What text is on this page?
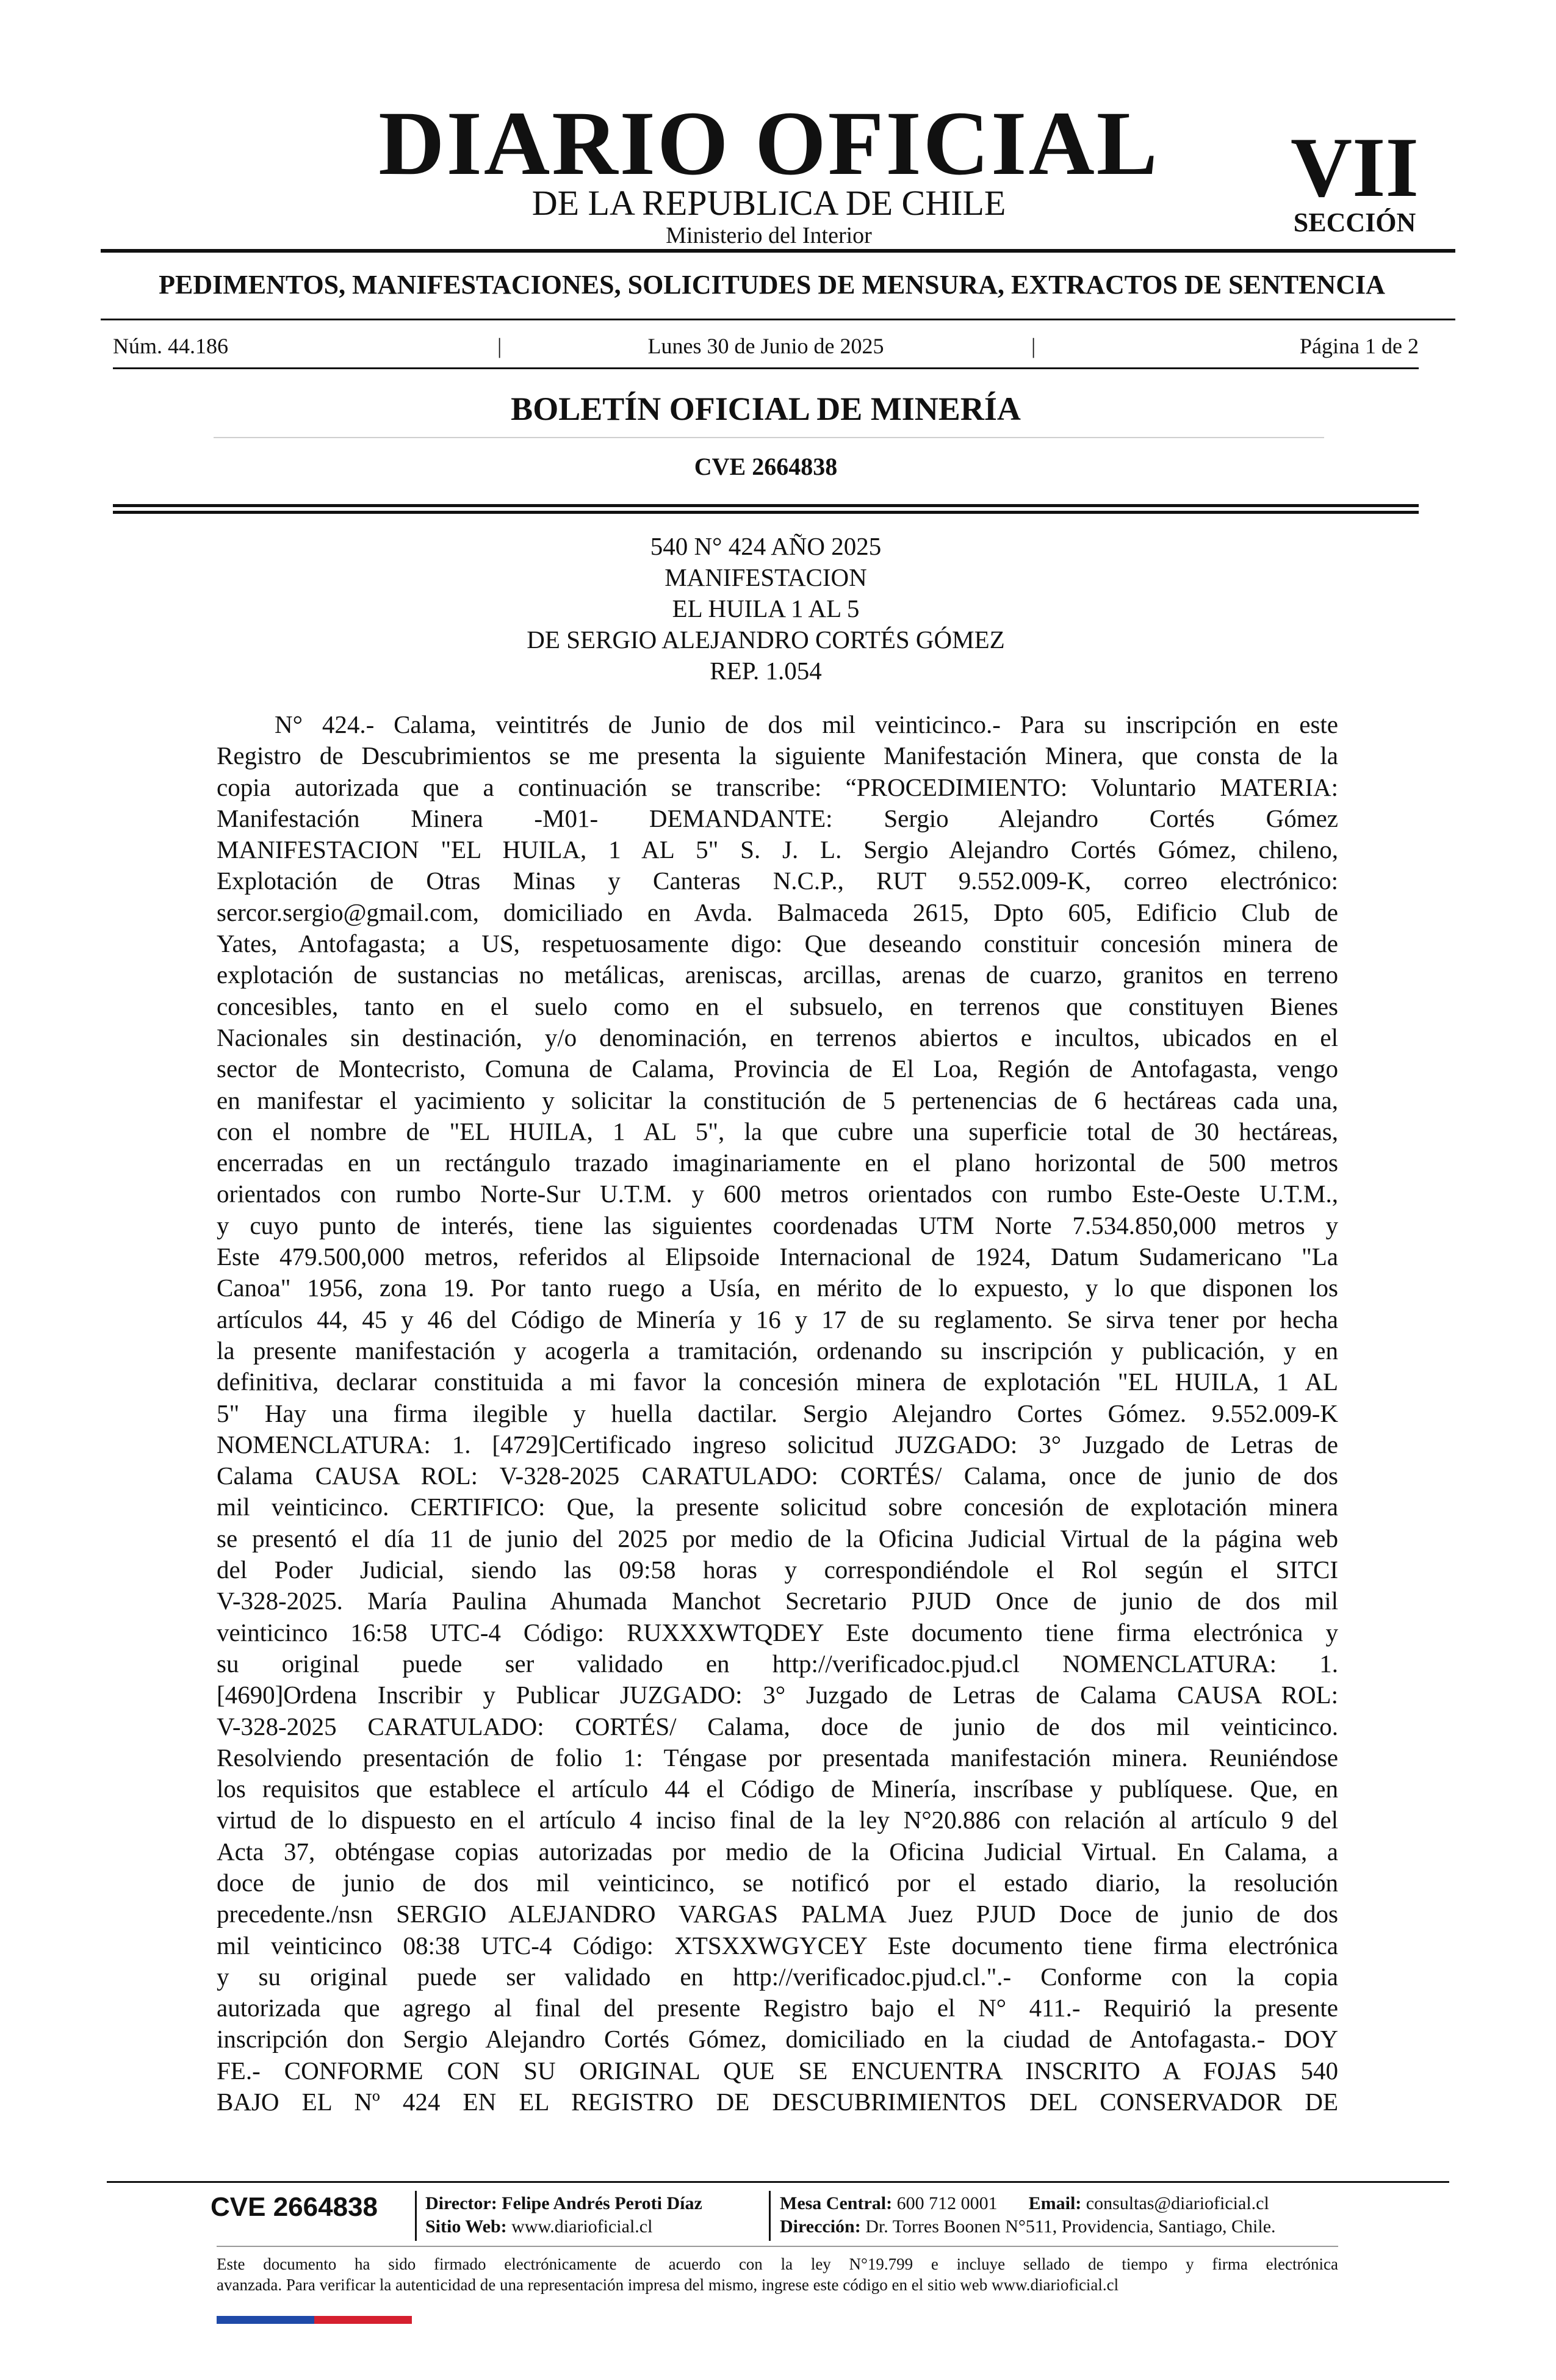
DIARIO OFICIAL
DE LA REPUBLICA DE CHILE
Ministerio del Interior
VII
SECCIÓN
PEDIMENTOS, MANIFESTACIONES, SOLICITUDES DE MENSURA, EXTRACTOS DE SENTENCIA
Núm. 44.186	|	Lunes 30 de Junio de 2025	|	Página 1 de 2
BOLETÍN OFICIAL DE MINERÍA
CVE 2664838
540 N° 424 AÑO 2025
MANIFESTACION
EL HUILA 1 AL 5
DE SERGIO ALEJANDRO CORTÉS GÓMEZ
REP. 1.054
N° 424.- Calama, veintitrés de Junio de dos mil veinticinco.- Para su inscripción en este
Registro de Descubrimientos se me presenta la siguiente Manifestación Minera, que consta de la
copia autorizada que a continuación se transcribe: “PROCEDIMIENTO: Voluntario MATERIA:
Manifestación Minera -M01- DEMANDANTE: Sergio Alejandro Cortés Gómez
MANIFESTACION "EL HUILA, 1 AL 5" S. J. L. Sergio Alejandro Cortés Gómez, chileno,
Explotación de Otras Minas y Canteras N.C.P., RUT 9.552.009-K, correo electrónico:
sercor.sergio@gmail.com, domiciliado en Avda. Balmaceda 2615, Dpto 605, Edificio Club de
Yates, Antofagasta; a US, respetuosamente digo: Que deseando constituir concesión minera de
explotación de sustancias no metálicas, areniscas, arcillas, arenas de cuarzo, granitos en terreno
concesibles, tanto en el suelo como en el subsuelo, en terrenos que constituyen Bienes
Nacionales sin destinación, y/o denominación, en terrenos abiertos e incultos, ubicados en el
sector de Montecristo, Comuna de Calama, Provincia de El Loa, Región de Antofagasta, vengo
en manifestar el yacimiento y solicitar la constitución de 5 pertenencias de 6 hectáreas cada una,
con el nombre de "EL HUILA, 1 AL 5", la que cubre una superficie total de 30 hectáreas,
encerradas en un rectángulo trazado imaginariamente en el plano horizontal de 500 metros
orientados con rumbo Norte-Sur U.T.M. y 600 metros orientados con rumbo Este-Oeste U.T.M.,
y cuyo punto de interés, tiene las siguientes coordenadas UTM Norte 7.534.850,000 metros y
Este 479.500,000 metros, referidos al Elipsoide Internacional de 1924, Datum Sudamericano "La
Canoa" 1956, zona 19. Por tanto ruego a Usía, en mérito de lo expuesto, y lo que disponen los
artículos 44, 45 y 46 del Código de Minería y 16 y 17 de su reglamento. Se sirva tener por hecha
la presente manifestación y acogerla a tramitación, ordenando su inscripción y publicación, y en
definitiva, declarar constituida a mi favor la concesión minera de explotación "EL HUILA, 1 AL
5" Hay una firma ilegible y huella dactilar. Sergio Alejandro Cortes Gómez. 9.552.009-K
NOMENCLATURA: 1. [4729]Certificado ingreso solicitud JUZGADO: 3° Juzgado de Letras de
Calama CAUSA ROL: V-328-2025 CARATULADO: CORTÉS/ Calama, once de junio de dos
mil veinticinco. CERTIFICO: Que, la presente solicitud sobre concesión de explotación minera
se presentó el día 11 de junio del 2025 por medio de la Oficina Judicial Virtual de la página web
del Poder Judicial, siendo las 09:58 horas y correspondiéndole el Rol según el SITCI
V-328-2025. María Paulina Ahumada Manchot Secretario PJUD Once de junio de dos mil
veinticinco 16:58 UTC-4 Código: RUXXXWTQDEY Este documento tiene firma electrónica y
su original puede ser validado en http://verificadoc.pjud.cl NOMENCLATURA: 1.
[4690]Ordena Inscribir y Publicar JUZGADO: 3° Juzgado de Letras de Calama CAUSA ROL:
V-328-2025 CARATULADO: CORTÉS/ Calama, doce de junio de dos mil veinticinco.
Resolviendo presentación de folio 1: Téngase por presentada manifestación minera. Reuniéndose
los requisitos que establece el artículo 44 el Código de Minería, inscríbase y publíquese. Que, en
virtud de lo dispuesto en el artículo 4 inciso final de la ley N°20.886 con relación al artículo 9 del
Acta 37, obténgase copias autorizadas por medio de la Oficina Judicial Virtual. En Calama, a
doce de junio de dos mil veinticinco, se notificó por el estado diario, la resolución
precedente./nsn SERGIO ALEJANDRO VARGAS PALMA Juez PJUD Doce de junio de dos
mil veinticinco 08:38 UTC-4 Código: XTSXXWGYCEY Este documento tiene firma electrónica
y su original puede ser validado en http://verificadoc.pjud.cl.".- Conforme con la copia
autorizada que agrego al final del presente Registro bajo el N° 411.- Requirió la presente
inscripción don Sergio Alejandro Cortés Gómez, domiciliado en la ciudad de Antofagasta.- DOY
FE.- CONFORME CON SU ORIGINAL QUE SE ENCUENTRA INSCRITO A FOJAS 540
BAJO EL Nº 424 EN EL REGISTRO DE DESCUBRIMIENTOS DEL CONSERVADOR DE
CVE 2664838	Director: Felipe Andrés Peroti Díaz
Sitio Web: www.diarioficial.cl
Mesa Central: 600 712 0001 Email: consultas@diarioficial.cl
Dirección: Dr. Torres Boonen N°511, Providencia, Santiago, Chile.
Este documento ha sido firmado electrónicamente de acuerdo con la ley N°19.799 e incluye sellado de tiempo y firma electrónica
avanzada. Para verificar la autenticidad de una representación impresa del mismo, ingrese este código en el sitio web www.diarioficial.cl
